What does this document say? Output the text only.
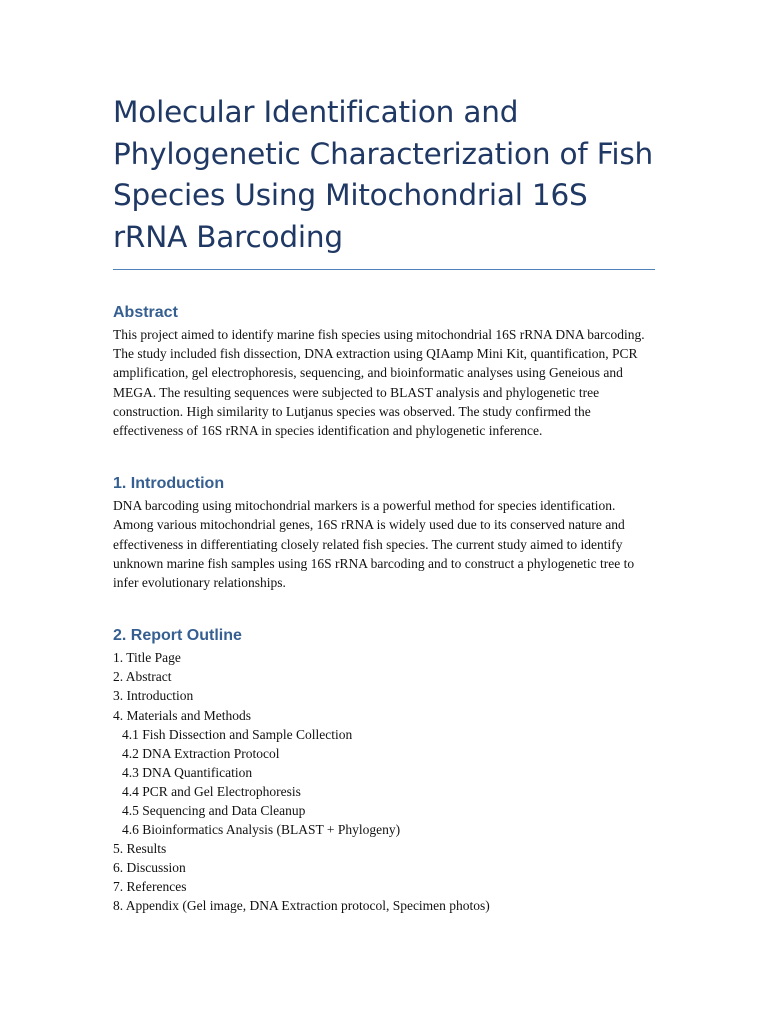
Molecular Identification and Phylogenetic Characterization of Fish Species Using Mitochondrial 16S rRNA Barcoding
Abstract

This project aimed to identify marine fish species using mitochondrial 16S rRNA DNA barcoding. The study included fish dissection, DNA extraction using QIAamp Mini Kit, quantification, PCR amplification, gel electrophoresis, sequencing, and bioinformatic analyses using Geneious and MEGA. The resulting sequences were subjected to BLAST analysis and phylogenetic tree construction. High similarity to Lutjanus species was observed. The study confirmed the effectiveness of 16S rRNA in species identification and phylogenetic inference.

1. Introduction

DNA barcoding using mitochondrial markers is a powerful method for species identification. Among various mitochondrial genes, 16S rRNA is widely used due to its conserved nature and effectiveness in differentiating closely related fish species. The current study aimed to identify unknown marine fish samples using 16S rRNA barcoding and to construct a phylogenetic tree to infer evolutionary relationships.

2. Report Outline
1. Title Page
2. Abstract
3. Introduction
4. Materials and Methods
4.1 Fish Dissection and Sample Collection
4.2 DNA Extraction Protocol
4.3 DNA Quantification
4.4 PCR and Gel Electrophoresis
4.5 Sequencing and Data Cleanup
4.6 Bioinformatics Analysis (BLAST + Phylogeny)
5. Results
6. Discussion
7. References
8. Appendix (Gel image, DNA Extraction protocol, Specimen photos)
